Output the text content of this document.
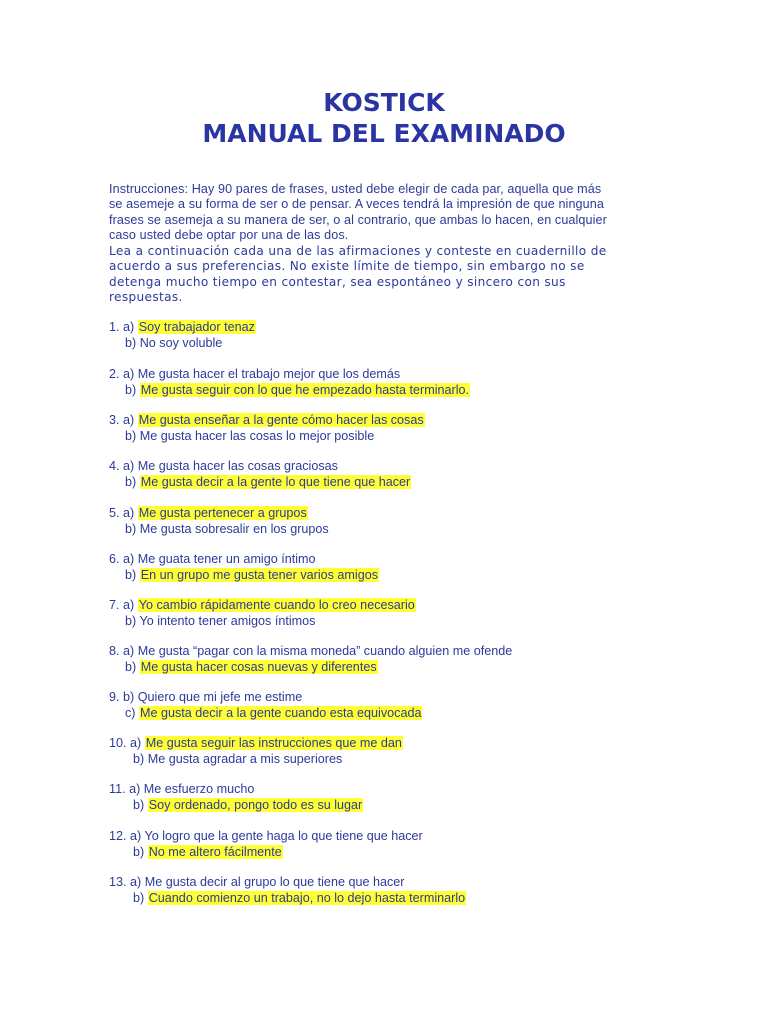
KOSTICK
MANUAL DEL EXAMINADO
Instrucciones: Hay 90 pares de frases, usted debe elegir de cada par, aquella que más
se asemeje a su forma de ser o de pensar. A veces tendrá la impresión de que ninguna
frases se asemeja a su manera de ser, o al contrario, que ambas lo hacen, en cualquier
caso usted debe optar por una de las dos.
Lea a continuación cada una de las afirmaciones y conteste en cuadernillo de
acuerdo a sus preferencias. No existe límite de tiempo, sin embargo no se
detenga mucho tiempo en contestar, sea espontáneo y sincero con sus
respuestas.
1. a) Soy trabajador tenaz
b) No soy voluble
2. a) Me gusta hacer el trabajo mejor que los demás
b) Me gusta seguir con lo que he empezado hasta terminarlo.
3. a) Me gusta enseñar a la gente cómo hacer las cosas
b) Me gusta hacer las cosas lo mejor posible
4. a) Me gusta hacer las cosas graciosas
b) Me gusta decir a la gente lo que tiene que hacer
5. a) Me gusta pertenecer a grupos
b) Me gusta sobresalir en los grupos
6. a) Me guata tener un amigo íntimo
b) En un grupo me gusta tener varios amigos
7. a) Yo cambio rápidamente cuando lo creo necesario
b) Yo intento tener amigos íntimos
8. a) Me gusta “pagar con la misma moneda” cuando alguien me ofende
b) Me gusta hacer cosas nuevas y diferentes
9. b) Quiero que mi jefe me estime
c) Me gusta decir a la gente cuando esta equivocada
10. a) Me gusta seguir las instrucciones que me dan
b) Me gusta agradar a mis superiores
11. a) Me esfuerzo mucho
b) Soy ordenado, pongo todo es su lugar
12. a) Yo logro que la gente haga lo que tiene que hacer
b) No me altero fácilmente
13. a) Me gusta decir al grupo lo que tiene que hacer
b) Cuando comienzo un trabajo, no lo dejo hasta terminarlo
